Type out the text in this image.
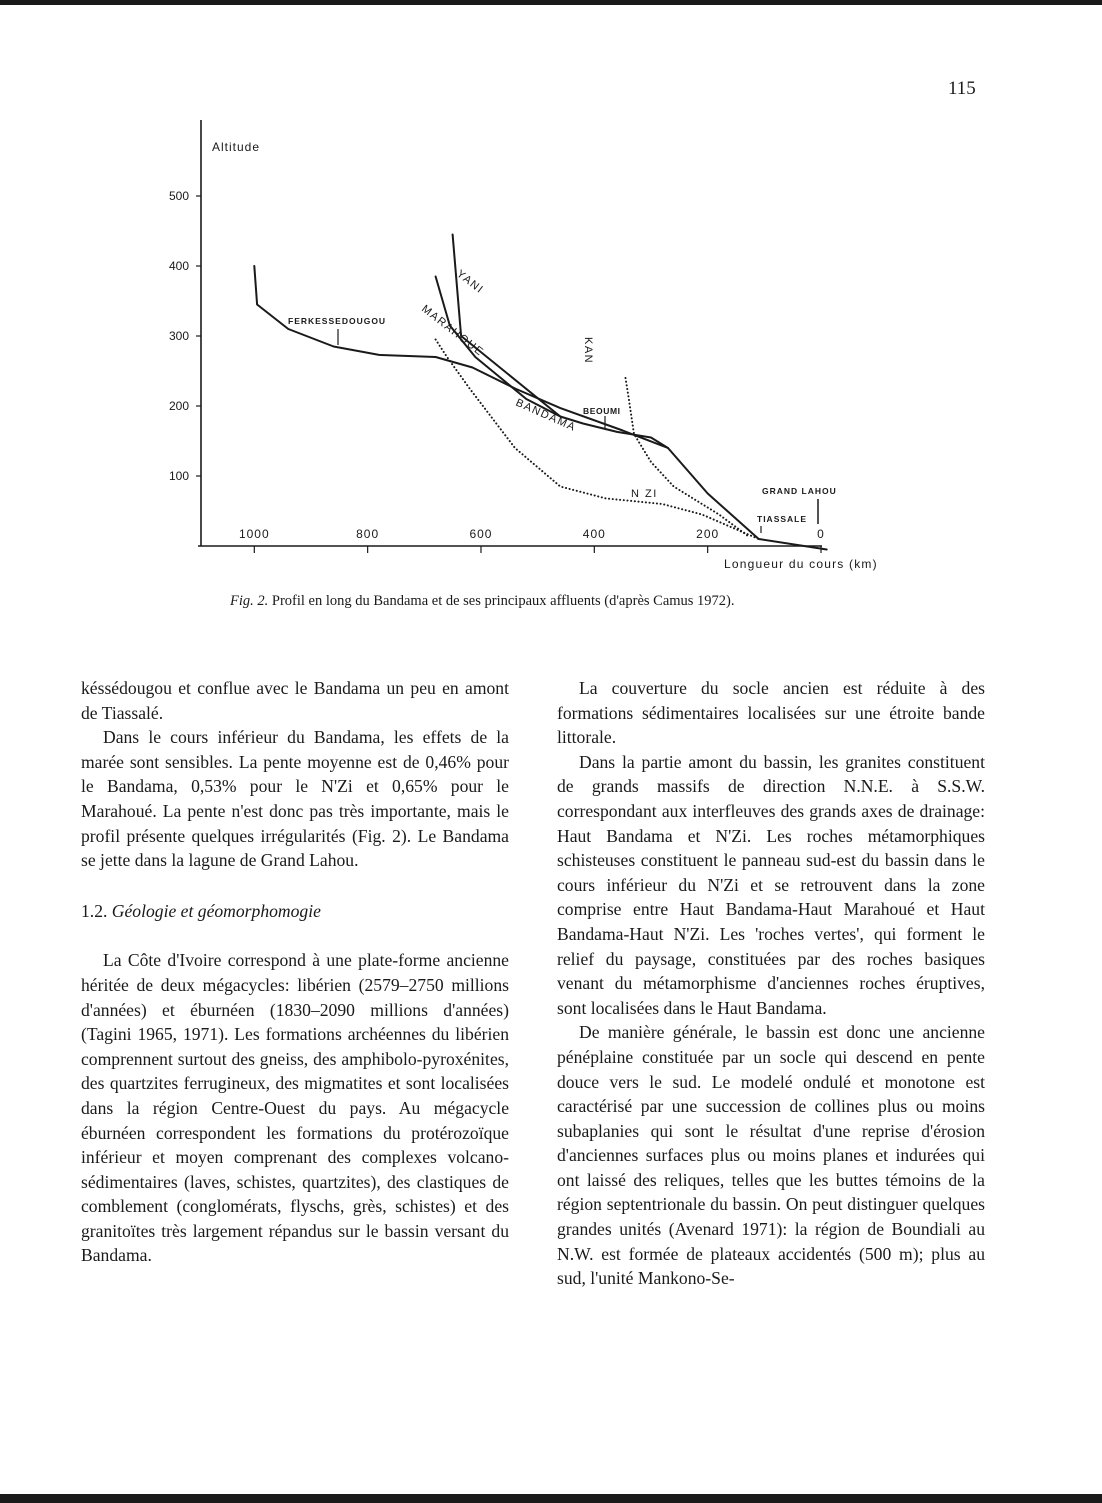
115
500
400
300
200
100
1000	800	600	400	200	0
Altitude
Longueur du cours (km)
YANI
MARAHOUE	KAN
BANDAMA
N ZI
FERKESSEDOUGOU
BEOUMI
GRAND LAHOU
TIASSALE
Fig. 2. Profil en long du Bandama et de ses principaux affluents (d'après Camus 1972).

késsédougou et conflue avec le Bandama un peu en amont de Tiassalé.

Dans le cours inférieur du Bandama, les effets de la marée sont sensibles. La pente moyenne est de 0,46% pour le Bandama, 0,53% pour le N'Zi et 0,65% pour le Marahoué. La pente n'est donc pas très importante, mais le profil présente quelques irrégularités (Fig. 2). Le Bandama se jette dans la lagune de Grand Lahou.

1.2. Géologie et géomorphomogie

La Côte d'Ivoire correspond à une plate-forme ancienne héritée de deux mégacycles: libérien (2579–2750 millions d'années) et éburnéen (1830–2090 millions d'années) (Tagini 1965, 1971). Les formations archéennes du libérien comprennent surtout des gneiss, des amphibolo-pyroxénites, des quartzites ferrugineux, des migmatites et sont localisées dans la région Centre-Ouest du pays. Au mégacycle éburnéen correspondent les formations du protérozoïque inférieur et moyen comprenant des complexes volcano-sédimentaires (laves, schistes, quartzites), des clastiques de comblement (conglomérats, flyschs, grès, schistes) et des granitoïtes très largement répandus sur le bassin versant du Bandama.

La couverture du socle ancien est réduite à des formations sédimentaires localisées sur une étroite bande littorale.

Dans la partie amont du bassin, les granites constituent de grands massifs de direction N.N.E. à S.S.W. correspondant aux interfleuves des grands axes de drainage: Haut Bandama et N'Zi. Les roches métamorphiques schisteuses constituent le panneau sud-est du bassin dans le cours inférieur du N'Zi et se retrouvent dans la zone comprise entre Haut Bandama-Haut Marahoué et Haut Bandama-Haut N'Zi. Les 'roches vertes', qui forment le relief du paysage, constituées par des roches basiques venant du métamorphisme d'anciennes roches éruptives, sont localisées dans le Haut Bandama.

De manière générale, le bassin est donc une ancienne pénéplaine constituée par un socle qui descend en pente douce vers le sud. Le modelé ondulé et monotone est caractérisé par une succession de collines plus ou moins subaplanies qui sont le résultat d'une reprise d'érosion d'anciennes surfaces plus ou moins planes et indurées qui ont laissé des reliques, telles que les buttes témoins de la région septentrionale du bassin. On peut distinguer quelques grandes unités (Avenard 1971): la région de Boundiali au N.W. est formée de plateaux accidentés (500 m); plus au sud, l'unité Mankono-Se-
